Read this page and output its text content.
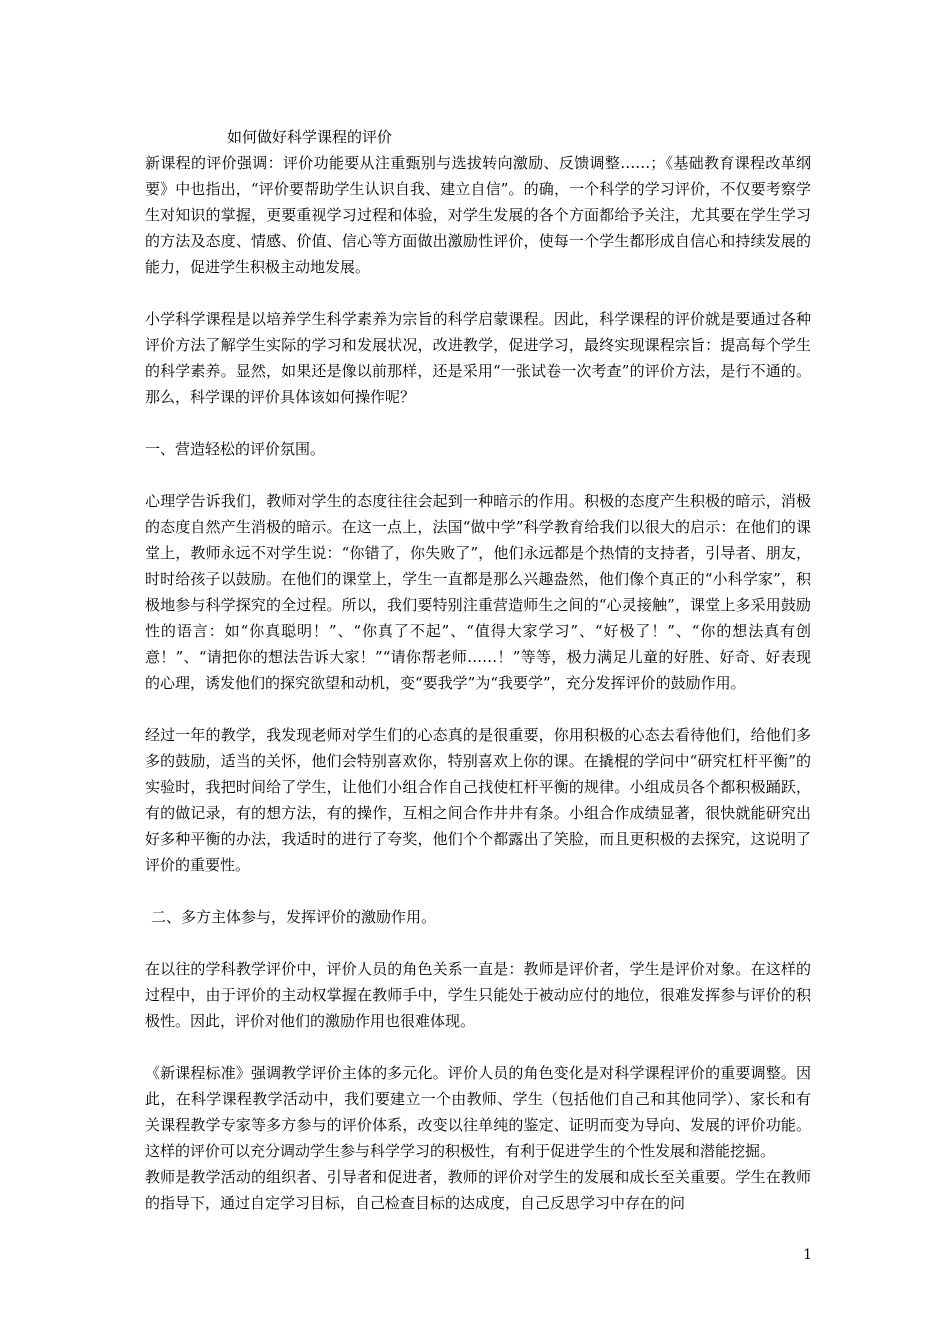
如何做好科学课程的评价

新课程的评价强调：评价功能要从注重甄别与选拔转向激励、反馈调整……；《基础教育课程改革纲要》中也指出，“评价要帮助学生认识自我、建立自信”。的确，一个科学的学习评价，不仅要考察学生对知识的掌握，更要重视学习过程和体验，对学生发展的各个方面都给予关注，尤其要在学生学习的方法及态度、情感、价值、信心等方面做出激励性评价，使每一个学生都形成自信心和持续发展的能力，促进学生积极主动地发展。

小学科学课程是以培养学生科学素养为宗旨的科学启蒙课程。因此，科学课程的评价就是要通过各种评价方法了解学生实际的学习和发展状况，改进教学，促进学习，最终实现课程宗旨：提高每个学生的科学素养。显然，如果还是像以前那样，还是采用“一张试卷一次考查”的评价方法，是行不通的。那么，科学课的评价具体该如何操作呢？

一、营造轻松的评价氛围。

心理学告诉我们，教师对学生的态度往往会起到一种暗示的作用。积极的态度产生积极的暗示，消极的态度自然产生消极的暗示。在这一点上，法国“做中学”科学教育给我们以很大的启示：在他们的课堂上，教师永远不对学生说：“你错了，你失败了”，他们永远都是个热情的支持者，引导者、朋友，时时给孩子以鼓励。在他们的课堂上，学生一直都是那么兴趣盎然，他们像个真正的“小科学家”，积极地参与科学探究的全过程。所以，我们要特别注重营造师生之间的“心灵接触”，课堂上多采用鼓励性的语言：如“你真聪明！”、“你真了不起”、“值得大家学习”、“好极了！”、“你的想法真有创意！”、“请把你的想法告诉大家！”“请你帮老师……！”等等，极力满足儿童的好胜、好奇、好表现的心理，诱发他们的探究欲望和动机，变“要我学”为“我要学”，充分发挥评价的鼓励作用。

经过一年的教学，我发现老师对学生们的心态真的是很重要，你用积极的心态去看待他们，给他们多多的鼓励，适当的关怀，他们会特别喜欢你，特别喜欢上你的课。在撬棍的学问中“研究杠杆平衡”的实验时，我把时间给了学生，让他们小组合作自己找使杠杆平衡的规律。小组成员各个都积极踊跃，有的做记录，有的想方法，有的操作，互相之间合作井井有条。小组合作成绩显著，很快就能研究出好多种平衡的办法，我适时的进行了夸奖，他们个个都露出了笑脸，而且更积极的去探究，这说明了评价的重要性。

二、多方主体参与，发挥评价的激励作用。

在以往的学科教学评价中，评价人员的角色关系一直是：教师是评价者，学生是评价对象。在这样的过程中，由于评价的主动权掌握在教师手中，学生只能处于被动应付的地位，很难发挥参与评价的积极性。因此，评价对他们的激励作用也很难体现。

《新课程标准》强调教学评价主体的多元化。评价人员的角色变化是对科学课程评价的重要调整。因此，在科学课程教学活动中，我们要建立一个由教师、学生（包括他们自己和其他同学）、家长和有关课程教学专家等多方参与的评价体系，改变以往单纯的鉴定、证明而变为导向、发展的评价功能。这样的评价可以充分调动学生参与科学学习的积极性，有利于促进学生的个性发展和潜能挖掘。

教师是教学活动的组织者、引导者和促进者，教师的评价对学生的发展和成长至关重要。学生在教师的指导下，通过自定学习目标，自己检查目标的达成度，自己反思学习中存在的问

1
